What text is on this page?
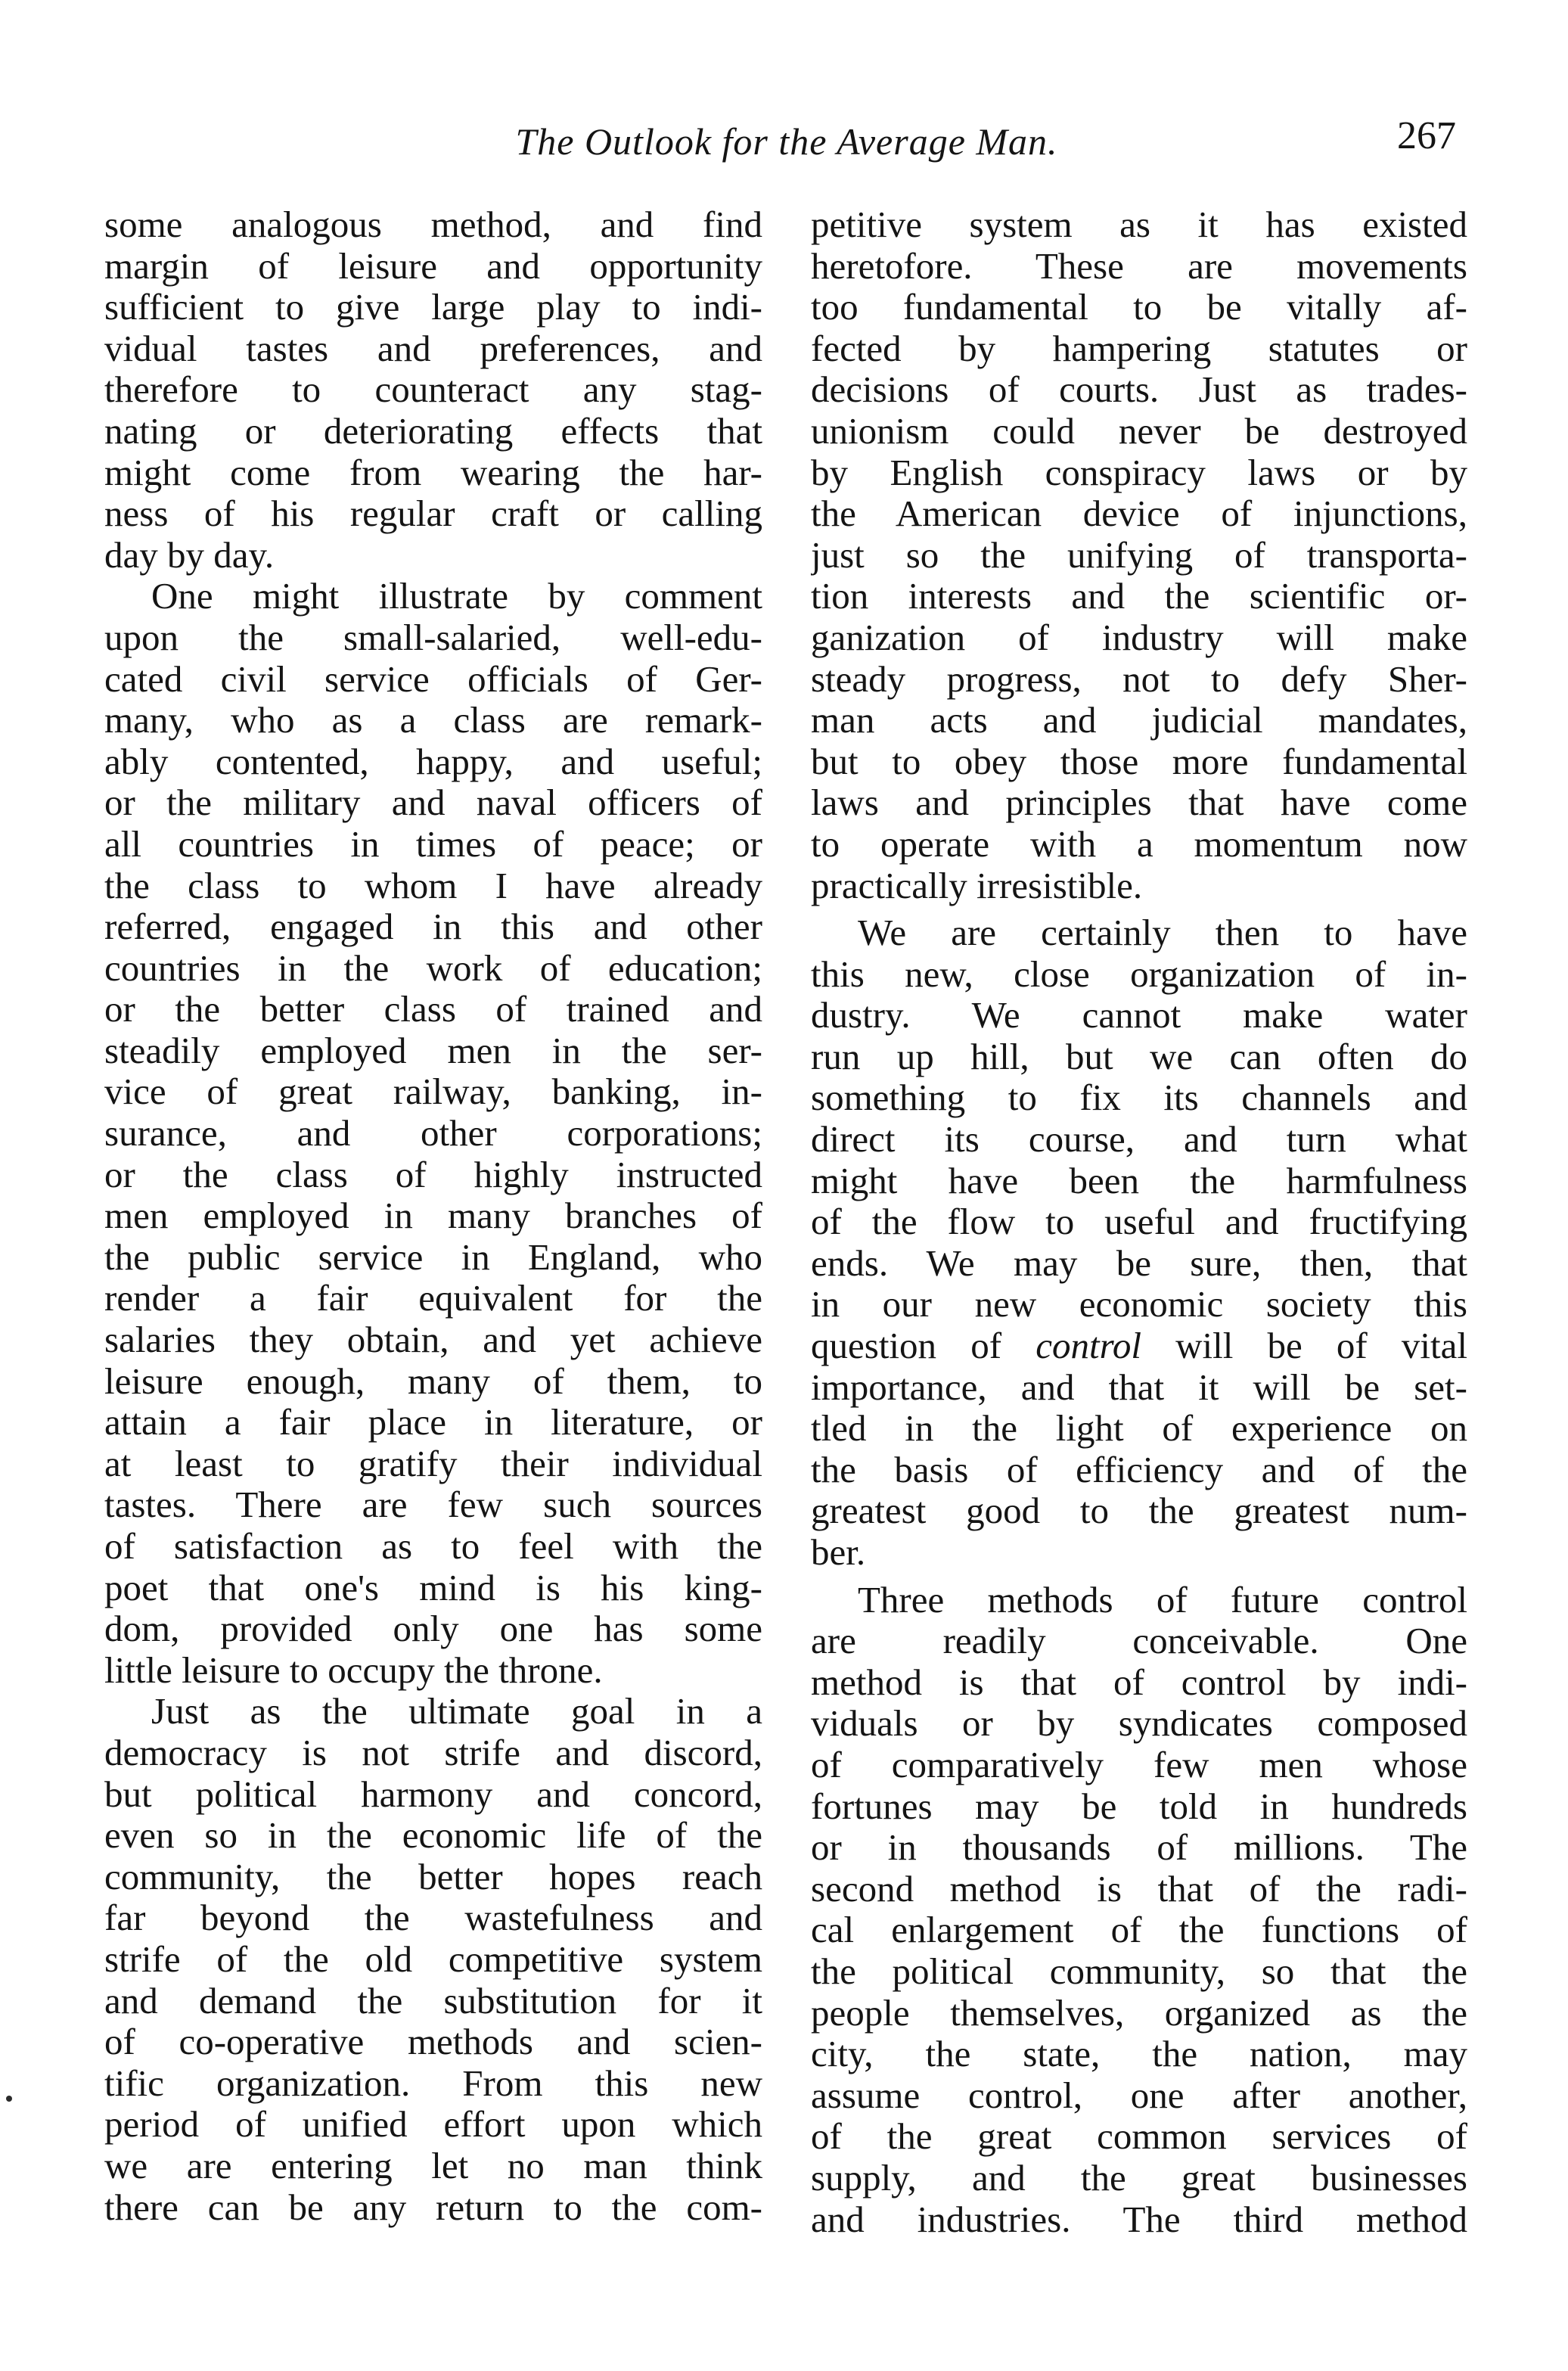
The Outlook for the Average Man.	267
some analogous method, and find
margin of leisure and opportunity
sufficient to give large play to indi-
vidual tastes and preferences, and
therefore to counteract any stag-
nating or deteriorating effects that
might come from wearing the har-
ness of his regular craft or calling
day by day.
One might illustrate by comment
upon the small-salaried, well-edu-
cated civil service officials of Ger-
many, who as a class are remark-
ably contented, happy, and useful;
or the military and naval officers of
all countries in times of peace; or
the class to whom I have already
referred, engaged in this and other
countries in the work of education;
or the better class of trained and
steadily employed men in the ser-
vice of great railway, banking, in-
surance, and other corporations;
or the class of highly instructed
men employed in many branches of
the public service in England, who
render a fair equivalent for the
salaries they obtain, and yet achieve
leisure enough, many of them, to
attain a fair place in literature, or
at least to gratify their individual
tastes. There are few such sources
of satisfaction as to feel with the
poet that one's mind is his king-
dom, provided only one has some
little leisure to occupy the throne.
Just as the ultimate goal in a
democracy is not strife and discord,
but political harmony and concord,
even so in the economic life of the
community, the better hopes reach
far beyond the wastefulness and
strife of the old competitive system
and demand the substitution for it
of co-operative methods and scien-
tific organization. From this new
period of unified effort upon which
we are entering let no man think
there can be any return to the com-
petitive system as it has existed
heretofore. These are movements
too fundamental to be vitally af-
fected by hampering statutes or
decisions of courts. Just as trades-
unionism could never be destroyed
by English conspiracy laws or by
the American device of injunctions,
just so the unifying of transporta-
tion interests and the scientific or-
ganization of industry will make
steady progress, not to defy Sher-
man acts and judicial mandates,
but to obey those more fundamental
laws and principles that have come
to operate with a momentum now
practically irresistible.
We are certainly then to have
this new, close organization of in-
dustry. We cannot make water
run up hill, but we can often do
something to fix its channels and
direct its course, and turn what
might have been the harmfulness
of the flow to useful and fructifying
ends. We may be sure, then, that
in our new economic society this
question of control will be of vital
importance, and that it will be set-
tled in the light of experience on
the basis of efficiency and of the
greatest good to the greatest num-
ber.
Three methods of future control
are readily conceivable. One
method is that of control by indi-
viduals or by syndicates composed
of comparatively few men whose
fortunes may be told in hundreds
or in thousands of millions. The
second method is that of the radi-
cal enlargement of the functions of
the political community, so that the
people themselves, organized as the
city, the state, the nation, may
assume control, one after another,
of the great common services of
supply, and the great businesses
and industries. The third method
